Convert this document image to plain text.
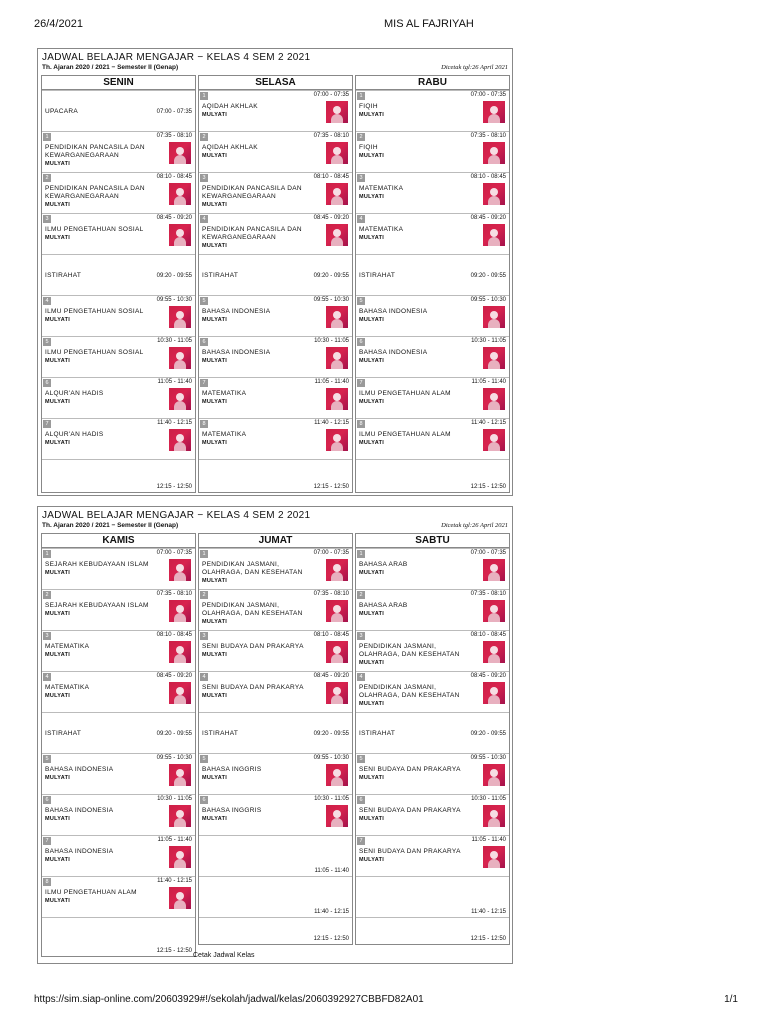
26/4/2021	MIS AL FAJRIYAH
JADWAL BELAJAR MENGAJAR − KELAS 4 SEM 2 2021
Th. Ajaran 2020 / 2021 − Semester II (Genap)	Dicetak tgl:26 April 2021
SENIN
07:00 - 07:35
UPACARA
1	07:35 - 08:10
PENDIDIKAN PANCASILA DAN KEWARGANEGARAAN
MULYATI
2	08:10 - 08:45
PENDIDIKAN PANCASILA DAN KEWARGANEGARAAN
MULYATI
3	08:45 - 09:20
ILMU PENGETAHUAN SOSIAL
MULYATI
09:20 - 09:55
ISTIRAHAT
4	09:55 - 10:30
ILMU PENGETAHUAN SOSIAL
MULYATI
5	10:30 - 11:05
ILMU PENGETAHUAN SOSIAL
MULYATI
6	11:05 - 11:40
ALQUR'AN HADIS
MULYATI
7	11:40 - 12:15
ALQUR'AN HADIS
MULYATI
12:15 - 12:50
SELASA
1	07:00 - 07:35
AQIDAH AKHLAK
MULYATI
2	07:35 - 08:10
AQIDAH AKHLAK
MULYATI
3	08:10 - 08:45
PENDIDIKAN PANCASILA DAN KEWARGANEGARAAN
MULYATI
4	08:45 - 09:20
PENDIDIKAN PANCASILA DAN KEWARGANEGARAAN
MULYATI
09:20 - 09:55
ISTIRAHAT
5	09:55 - 10:30
BAHASA INDONESIA
MULYATI
6	10:30 - 11:05
BAHASA INDONESIA
MULYATI
7	11:05 - 11:40
MATEMATIKA
MULYATI
8	11:40 - 12:15
MATEMATIKA
MULYATI
12:15 - 12:50
RABU
1	07:00 - 07:35
FIQIH
MULYATI
2	07:35 - 08:10
FIQIH
MULYATI
3	08:10 - 08:45
MATEMATIKA
MULYATI
4	08:45 - 09:20
MATEMATIKA
MULYATI
09:20 - 09:55
ISTIRAHAT
5	09:55 - 10:30
BAHASA INDONESIA
MULYATI
6	10:30 - 11:05
BAHASA INDONESIA
MULYATI
7	11:05 - 11:40
ILMU PENGETAHUAN ALAM
MULYATI
8	11:40 - 12:15
ILMU PENGETAHUAN ALAM
MULYATI
12:15 - 12:50
JADWAL BELAJAR MENGAJAR − KELAS 4 SEM 2 2021
Th. Ajaran 2020 / 2021 − Semester II (Genap)	Dicetak tgl:26 April 2021
KAMIS
1	07:00 - 07:35
SEJARAH KEBUDAYAAN ISLAM
MULYATI
2	07:35 - 08:10
SEJARAH KEBUDAYAAN ISLAM
MULYATI
3	08:10 - 08:45
MATEMATIKA
MULYATI
4	08:45 - 09:20
MATEMATIKA
MULYATI
09:20 - 09:55
ISTIRAHAT
5	09:55 - 10:30
BAHASA INDONESIA
MULYATI
6	10:30 - 11:05
BAHASA INDONESIA
MULYATI
7	11:05 - 11:40
BAHASA INDONESIA
MULYATI
8	11:40 - 12:15
ILMU PENGETAHUAN ALAM
MULYATI
12:15 - 12:50
JUMAT
1	07:00 - 07:35
PENDIDIKAN JASMANI, OLAHRAGA, DAN KESEHATAN
MULYATI
2	07:35 - 08:10
PENDIDIKAN JASMANI, OLAHRAGA, DAN KESEHATAN
MULYATI
3	08:10 - 08:45
SENI BUDAYA DAN PRAKARYA
MULYATI
4	08:45 - 09:20
SENI BUDAYA DAN PRAKARYA
MULYATI
09:20 - 09:55
ISTIRAHAT
5	09:55 - 10:30
BAHASA INGGRIS
MULYATI
6	10:30 - 11:05
BAHASA INGGRIS
MULYATI
11:05 - 11:40
11:40 - 12:15
12:15 - 12:50
SABTU
1	07:00 - 07:35
BAHASA ARAB
MULYATI
2	07:35 - 08:10
BAHASA ARAB
MULYATI
3	08:10 - 08:45
PENDIDIKAN JASMANI, OLAHRAGA, DAN KESEHATAN
MULYATI
4	08:45 - 09:20
PENDIDIKAN JASMANI, OLAHRAGA, DAN KESEHATAN
MULYATI
09:20 - 09:55
ISTIRAHAT
5	09:55 - 10:30
SENI BUDAYA DAN PRAKARYA
MULYATI
6	10:30 - 11:05
SENI BUDAYA DAN PRAKARYA
MULYATI
7	11:05 - 11:40
SENI BUDAYA DAN PRAKARYA
MULYATI
11:40 - 12:15
12:15 - 12:50
Cetak Jadwal Kelas
https://sim.siap-online.com/20603929#!/sekolah/jadwal/kelas/2060392927CBBFD82A01	1/1
